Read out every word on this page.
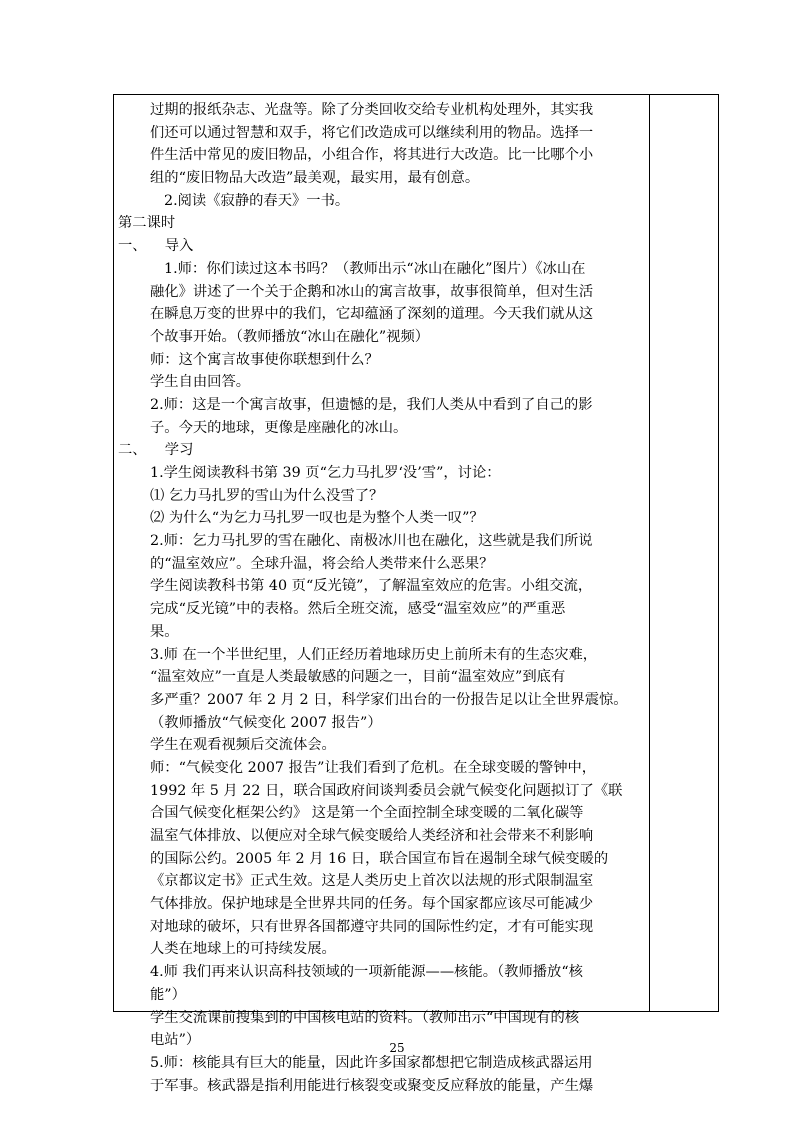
过期的报纸杂志、光盘等。除了分类回收交给专业机构处理外，其实我
们还可以通过智慧和双手，将它们改造成可以继续利用的物品。选择一
件生活中常见的废旧物品，小组合作，将其进行大改造。比一比哪个小
组的“废旧物品大改造”最美观，最实用，最有创意。
2.阅读《寂静的春天》一书。
第二课时
一、    导入
1.师：你们读过这本书吗？（教师出示“冰山在融化”图片）《冰山在
融化》讲述了一个关于企鹅和冰山的寓言故事，故事很简单，但对生活
在瞬息万变的世界中的我们，它却蕴涵了深刻的道理。今天我们就从这
个故事开始。（教师播放“冰山在融化”视频）
师：这个寓言故事使你联想到什么？
学生自由回答。
2.师：这是一个寓言故事，但遗憾的是，我们人类从中看到了自己的影
子。今天的地球，更像是座融化的冰山。
二、    学习
1.学生阅读教科书第 39 页“乞力马扎罗‘没’雪”，讨论：
⑴ 乞力马扎罗的雪山为什么没雪了？
⑵ 为什么“为乞力马扎罗一叹也是为整个人类一叹”？
2.师：乞力马扎罗的雪在融化、南极冰川也在融化，这些就是我们所说
的“温室效应”。全球升温，将会给人类带来什么恶果？
学生阅读教科书第 40 页“反光镜”，了解温室效应的危害。小组交流，
完成“反光镜”中的表格。然后全班交流，感受“温室效应”的严重恶
果。
3.师 在一个半世纪里，人们正经历着地球历史上前所未有的生态灾难，
“温室效应”一直是人类最敏感的问题之一，目前“温室效应”到底有
多严重？2007 年 2 月 2 日，科学家们出台的一份报告足以让全世界震惊。
（教师播放“气候变化 2007 报告”）
学生在观看视频后交流体会。
师：“气候变化 2007 报告”让我们看到了危机。在全球变暖的警钟中，
1992 年 5 月 22 日，联合国政府间谈判委员会就气候变化问题拟订了《联
合国气候变化框架公约》 这是第一个全面控制全球变暖的二氧化碳等
温室气体排放、以便应对全球气候变暖给人类经济和社会带来不利影响
的国际公约。2005 年 2 月 16 日，联合国宣布旨在遏制全球气候变暖的
《京都议定书》正式生效。这是人类历史上首次以法规的形式限制温室
气体排放。保护地球是全世界共同的任务。每个国家都应该尽可能减少
对地球的破坏，只有世界各国都遵守共同的国际性约定，才有可能实现
人类在地球上的可持续发展。
4.师 我们再来认识高科技领域的一项新能源——核能。（教师播放“核
能”）
学生交流课前搜集到的中国核电站的资料。（教师出示“中国现有的核
电站”）
5.师：核能具有巨大的能量，因此许多国家都想把它制造成核武器运用
于军事。核武器是指利用能进行核裂变或聚变反应释放的能量，产生爆
25
